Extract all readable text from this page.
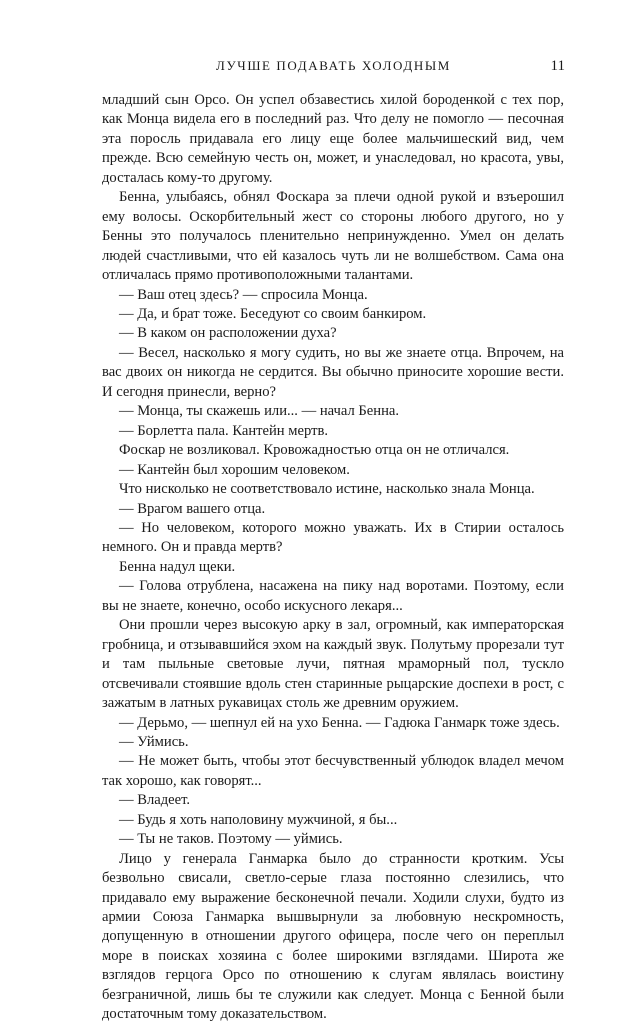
ЛУЧШЕ ПОДАВАТЬ ХОЛОДНЫМ	11

младший сын Орсо. Он успел обзавестись хилой бороденкой с тех пор, как Монца видела его в последний раз. Что делу не помогло — песочная эта поросль придавала его лицу еще более мальчишеский вид, чем прежде. Всю семейную честь он, может, и унаследовал, но красота, увы, досталась кому-то другому.

Бенна, улыбаясь, обнял Фоскара за плечи одной рукой и взъерошил ему волосы. Оскорбительный жест со стороны любого другого, но у Бенны это получалось пленительно непринужденно. Умел он делать людей счастливыми, что ей казалось чуть ли не волшебством. Сама она отличалась прямо противоположными талантами.

— Ваш отец здесь? — спросила Монца.

— Да, и брат тоже. Беседуют со своим банкиром.

— В каком он расположении духа?

— Весел, насколько я могу судить, но вы же знаете отца. Впрочем, на вас двоих он никогда не сердится. Вы обычно приносите хорошие вести. И сегодня принесли, верно?

— Монца, ты скажешь или... — начал Бенна.

— Борлетта пала. Кантейн мертв.

Фоскар не возликовал. Кровожадностью отца он не отличался.

— Кантейн был хорошим человеком.

Что нисколько не соответствовало истине, насколько знала Монца.

— Врагом вашего отца.

— Но человеком, которого можно уважать. Их в Стирии осталось немного. Он и правда мертв?

Бенна надул щеки.

— Голова отрублена, насажена на пику над воротами. Поэтому, если вы не знаете, конечно, особо искусного лекаря...

Они прошли через высокую арку в зал, огромный, как императорская гробница, и отзывавшийся эхом на каждый звук. Полутьму прорезали тут и там пыльные световые лучи, пятная мраморный пол, тускло отсвечивали стоявшие вдоль стен старинные рыцарские доспехи в рост, с зажатым в латных рукавицах столь же древним оружием.

— Дерьмо, — шепнул ей на ухо Бенна. — Гадюка Ганмарк тоже здесь.

— Уймись.

— Не может быть, чтобы этот бесчувственный ублюдок владел мечом так хорошо, как говорят...

— Владеет.

— Будь я хоть наполовину мужчиной, я бы...

— Ты не таков. Поэтому — уймись.

Лицо у генерала Ганмарка было до странности кротким. Усы безвольно свисали, светло-серые глаза постоянно слезились, что придавало ему выражение бесконечной печали. Ходили слухи, будто из армии Союза Ганмарка вышвырнули за любовную нескромность, допущенную в отношении другого офицера, после чего он переплыл море в поисках хозяина с более широкими взглядами. Широта же взглядов герцога Орсо по отношению к слугам являлась воистину безграничной, лишь бы те служили как следует. Монца с Бенной были достаточным тому доказательством.
